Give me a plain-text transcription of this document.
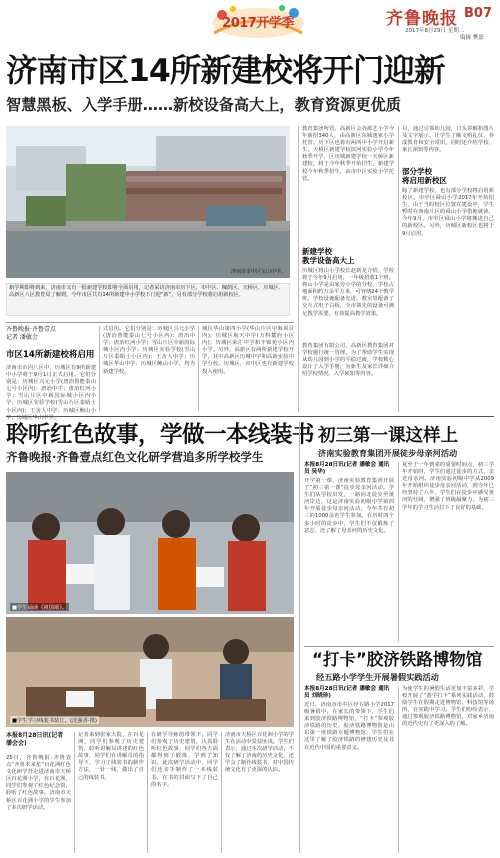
2017开学季	齐鲁晚报 B07
2017年8月29日 星期二
编辑 樊磊
济南市区14所新建校将开门迎新
智慧黑板、入学手册……新校设备高大上，教育资源更优质
济南市市中区宝山中学。
新学期即将到来，济南市又有一批新建学校即将全面启用，记者采访济南市历下区、市中区、槐荫区、天桥区、历城区、高新区八区教育局了解到，今年市区共有14所新建中小学校下门迎“新”，另有部分学校将启用新校区。
齐鲁晚报·齐鲁壹点
记者 潘敏会
市区14所新建校将启用
济南市市内八区中，历城区有9所新建中小学将于9月1日正式启用。它们分别是：历城区兴元小学(唐冶鲁能泰山七号小区内)；唐冶中学；唐冶红河小学；雪山片区中新国际城小区内小学；历城区实验学校(雪山片区泰晤士小区内)；王舍人中学；历城区鲍山小学；历城区华山中学。
式启用。它们分别是：历城区兴元小学(唐冶鲁能泰山七号小区内)；唐冶中学；唐冶红河小学；雪山片区中新国际城小区内小学；历城区实验学校(雪山片区泰晤士小区内)；王舍人中学；历城区华山中学；历城区鲍山小学，均为新建学校。
城区华山第四小学(华山片区中海项目内)；历城区航天中学(万科麓府小区内)；历城区荣汇中学和丰锦苑小区内小学。另外，高新区有两所新建学校开学，其中高新区历城中学和高新实验中学分校。历城区，市中区也有新建学校投入使用。
教育集团所管，高新区会谷源艺小学今年新招340人，由高新区东城逸家小学托管。历下区也将有两所中小学开启新生。天桥区新建学校滨河实验小学今年秋季开学，区历城新建学校一天桥区新建校，将于今年秋季开始招生，新建学校今年秋季招生，由市中区实验小学托管。
新建学校
教学设备高大上
历城区将山小学校长赵新龙介绍，学校将于今年9月启用，一年级招收1个班。将山小学是由家旁小学的分校，学校占地面积约万余平方米，可容纳24个教学班。学校设施配备先进，教室里配备了交互式电子白板，全市领先的设备可满足教学需要，有效提高教学效果。
教育集团有限公司，高新区教育集团对学校施行统一管理，为了帮助学生实现从幼儿园到小学的平稳过渡，学校精心设计了入学手册，为新生及家长详细介绍学校情况、入学须知等内容。
目，通过引领幼儿园，口头讲解和图片及文字展示，让学生了解文明礼仪、养成教育和安全常识，同时还介绍学校、家长须知等内容。
部分学校
将启用新校区
除了新建学校，也有部分学校将启用新校区。市中区舜山小学2017年开始招生，由于当时校区位置在建设中，学生暂时在西南片区的舜山小学借地就读，今年9月，市中区舜山小学将搬进自己的新校区。另外，历城区新校区也将于9月启用。
聆听红色故事，学做一本线装书
齐鲁晚报·齐鲁壹点红色文化研学营追多所学校学生
■学生诵读《祖国颂》。
■学生学习线装书装订。(沈强香·摄)
本报8月28日讯(记者 潘会会)
25日，齐鲁晚报·齐鲁壹点“齐鲁未来星”百花洲红色文化研学营走进济南市天桥区百花洲小学，在百花洲，同学们参观了红色纪念馆，聆听了红色故事。济南市天桥区百花洲小学的学生参加了本次研学活动。
记者来到张家大院，在百花洲，同学们参观了历史建筑，聆听讲解员讲述的红色故事，同学们在讲解员的指导下，学习了线装书的制作方法，一针一线，做出了自己的线装书。
在研学导师的带领下，同学们参观了历史建筑，认真聆听红色故事，同学们各方面都得到了锻炼，学到了知识。此次研学活动中，同学们还亲手制作了一本线装书，在书的封面写下了自己的名字。
济南市天桥区百花洲小学的学生在活动中受益匪浅。学生们表示，通过本次研学活动，不仅了解了济南的历史文化，还学会了制作线装书，对中国传统文化有了更深的认识。
初三第一课这样上
济南实验教育集团开展徒步母亲河活动
本报8月28日讯(记者 潘敏会 通讯员 吴华)
开学第一课，济南实验教育集团开展了“初三第一课”徒步母亲河活动。学生们从学校出发，一路向北徒步至黄河岸边。这是济南实验初级中学第四年开展徒步母亲河活动，今年共有初三的1000余名学生参加。在历时四个多小时的徒步中，学生们不仅锻炼了意志，还了解了母亲河的历史文化。
夏至于一年到来的重要时间点，初三学年开始时，学生们通过徒步的方式，亲近母亲河。济南实验初级中学从2009年开始组织徒步母亲河活动，到今年已经坚持了八年，学生们在徒步中感受黄河的壮阔，增强了班级凝聚力，为初三学年的学习生活打下了良好的基础。
“打卡”胶济铁路博物馆
经五路小学学生开展暑假实践活动
本报8月28日讯(记者 潘敏会 通讯员 刘晓珍)
近日，济南市市中区经五路小学2017级暑假中，在家长的带领下，学生们来到胶济铁路博物馆，“打卡”参观胶济铁路的历史。胶济铁路博物馆是山东第一座铁路专题博物馆，学生们在这里了解了胶济铁路的修建历史及其在近代中国的重要意义。
为使学生的暑假生活更加丰富多彩，学校开展了“游学打卡”系列实践活动，鼓励学生在假期走进博物馆、科技馆等场所，在实践中学习。学生们纷纷表示，通过参观胶济铁路博物馆，对家乡济南的近代史有了更深入的了解。
